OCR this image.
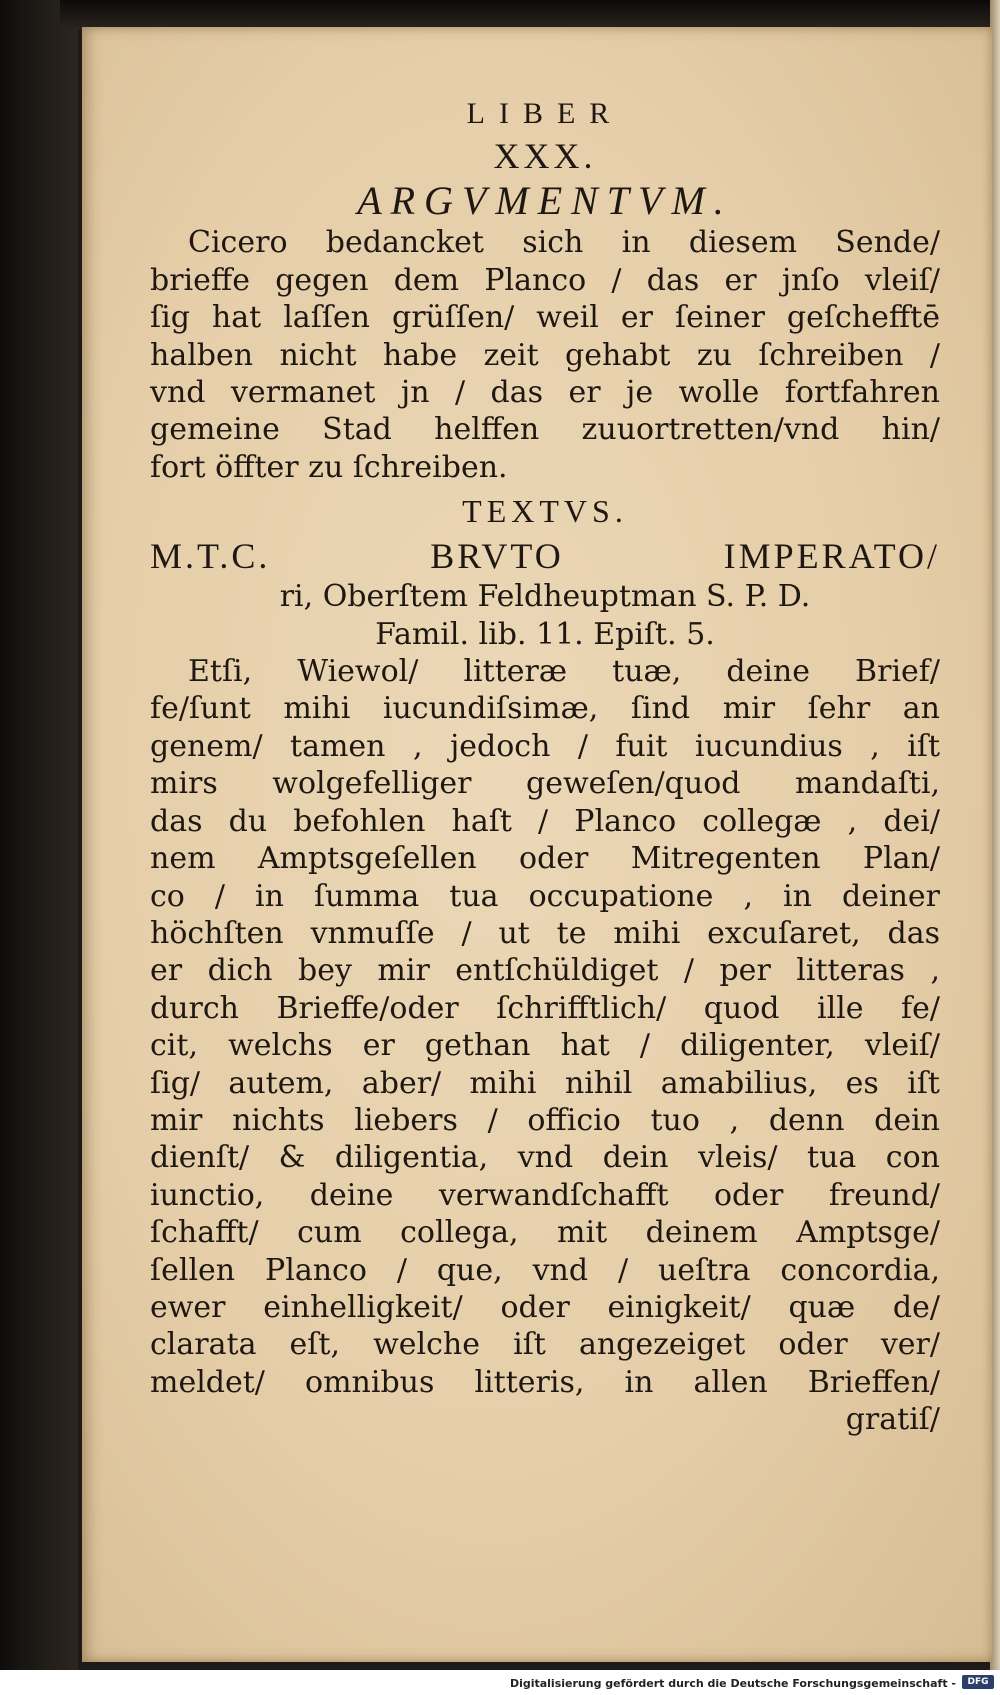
LIBER
XXX.
ARGVMENTVM.
Cicero bedancket sich in diesem Sende/
brieffe gegen dem Planco / das er jnſo vleiſ/
ſig hat laſſen grüſſen/ weil er ſeiner geſchefftē
halben nicht habe zeit gehabt zu ſchreiben /
vnd vermanet jn / das er je wolle fortfahren
gemeine Stad helffen zuuortretten/vnd hin/
fort öffter zu ſchreiben.
TEXTVS.
M.T.C. BRVTO IMPERATO/
ri, Oberſtem Feldheuptman S. P. D.
Famil. lib. 11. Epiſt. 5.
Etſi, Wiewol/ litteræ tuæ, deine Brief/
fe/ſunt mihi iucundiſsimæ, ſind mir ſehr an
genem/ tamen , jedoch / fuit iucundius , iſt
mirs wolgefelliger geweſen/quod mandaſti,
das du befohlen haſt / Planco collegæ , dei/
nem Amptsgeſellen oder Mitregenten Plan/
co / in ſumma tua occupatione , in deiner
höchſten vnmuſſe / ut te mihi excuſaret, das
er dich bey mir entſchüldiget / per litteras ,
durch Brieffe/oder ſchrifftlich/ quod ille fe/
cit, welchs er gethan hat / diligenter, vleiſ/
ſig/ autem, aber/ mihi nihil amabilius, es iſt
mir nichts liebers / officio tuo , denn dein
dienſt/ & diligentia, vnd dein vleis/ tua con
iunctio, deine verwandſchafft oder freund/
ſchafft/ cum collega, mit deinem Amptsge/
ſellen Planco / que, vnd / ueſtra concordia,
ewer einhelligkeit/ oder einigkeit/ quæ de/
clarata eſt, welche iſt angezeiget oder ver/
meldet/ omnibus litteris, in allen Brieffen/
gratiſ/
Digitalisierung gefördert durch die Deutsche Forschungsgemeinschaft -	DFG
